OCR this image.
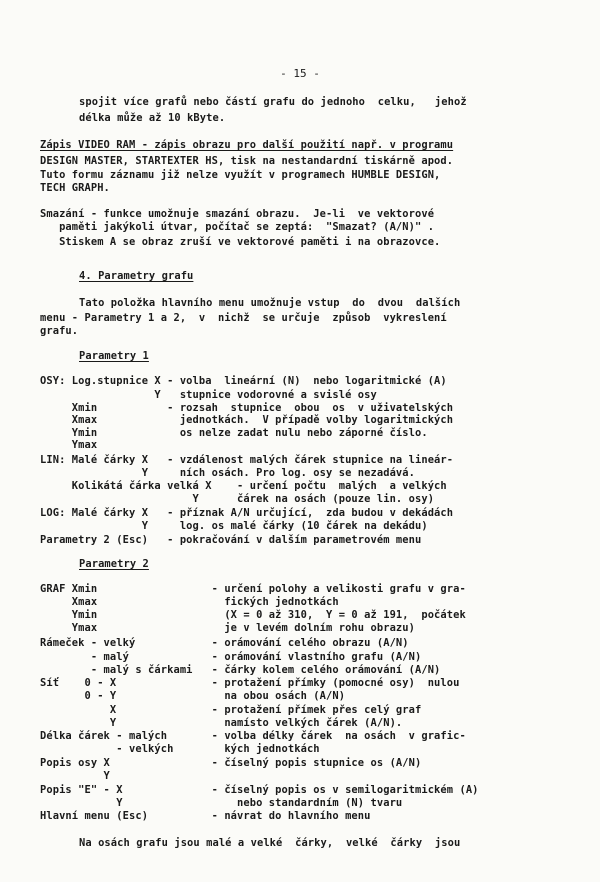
- 15 -
spojit více grafů nebo částí grafu do jednoho  celku,   jehož
délka může až 10 kByte.
Zápis VIDEO RAM - zápis obrazu pro další použití např. v programu
DESIGN MASTER, STARTEXTER HS, tisk na nestandardní tiskárně apod.
Tuto formu záznamu již nelze využít v programech HUMBLE DESIGN,
TECH GRAPH.
Smazání - funkce umožnuje smazání obrazu.  Je-li  ve vektorové
paměti jakýkoli útvar, počítač se zeptá:  "Smazat? (A/N)" .
Stiskem A se obraz zruší ve vektorové paměti i na obrazovce.
4. Parametry grafu
Tato položka hlavního menu umožnuje vstup  do  dvou  dalších
menu - Parametry 1 a 2,  v  nichž  se určuje  způsob  vykreslení
grafu.
Parametry 1
OSY: Log.stupnice X - volba  lineární (N)  nebo logaritmické (A)
Y   stupnice vodorovné a svislé osy
Xmin           - rozsah  stupnice  obou  os  v uživatelských
Xmax             jednotkách.  V případě volby logaritmických
Ymin             os nelze zadat nulu nebo záporné číslo.
Ymax
LIN: Malé čárky X   - vzdálenost malých čárek stupnice na lineár-
Y     ních osách. Pro log. osy se nezadává.
Kolikátá čárka velká X    - určení počtu  malých  a velkých
Y      čárek na osách (pouze lin. osy)
LOG: Malé čárky X   - příznak A/N určující,  zda budou v dekádách
Y     log. os malé čárky (10 čárek na dekádu)
Parametry 2 (Esc)   - pokračování v dalším parametrovém menu
Parametry 2
GRAF Xmin                  - určení polohy a velikosti grafu v gra-
Xmax                    fických jednotkách
Ymin                    (X = 0 až 310,  Y = 0 až 191,  počátek
Ymax                    je v levém dolním rohu obrazu)
Rámeček - velký            - orámování celého obrazu (A/N)
- malý             - orámování vlastního grafu (A/N)
- malý s čárkami   - čárky kolem celého orámování (A/N)
Síť    0 - X               - protažení přímky (pomocné osy)  nulou
0 - Y                 na obou osách (A/N)
X               - protažení přímek přes celý graf
Y                 namísto velkých čárek (A/N).
Délka čárek - malých       - volba délky čárek  na osách  v grafic-
- velkých        kých jednotkách
Popis osy X                - číselný popis stupnice os (A/N)
Y
Popis "E" - X              - číselný popis os v semilogaritmickém (A)
Y                  nebo standardním (N) tvaru
Hlavní menu (Esc)          - návrat do hlavního menu
Na osách grafu jsou malé a velké  čárky,  velké  čárky  jsou
